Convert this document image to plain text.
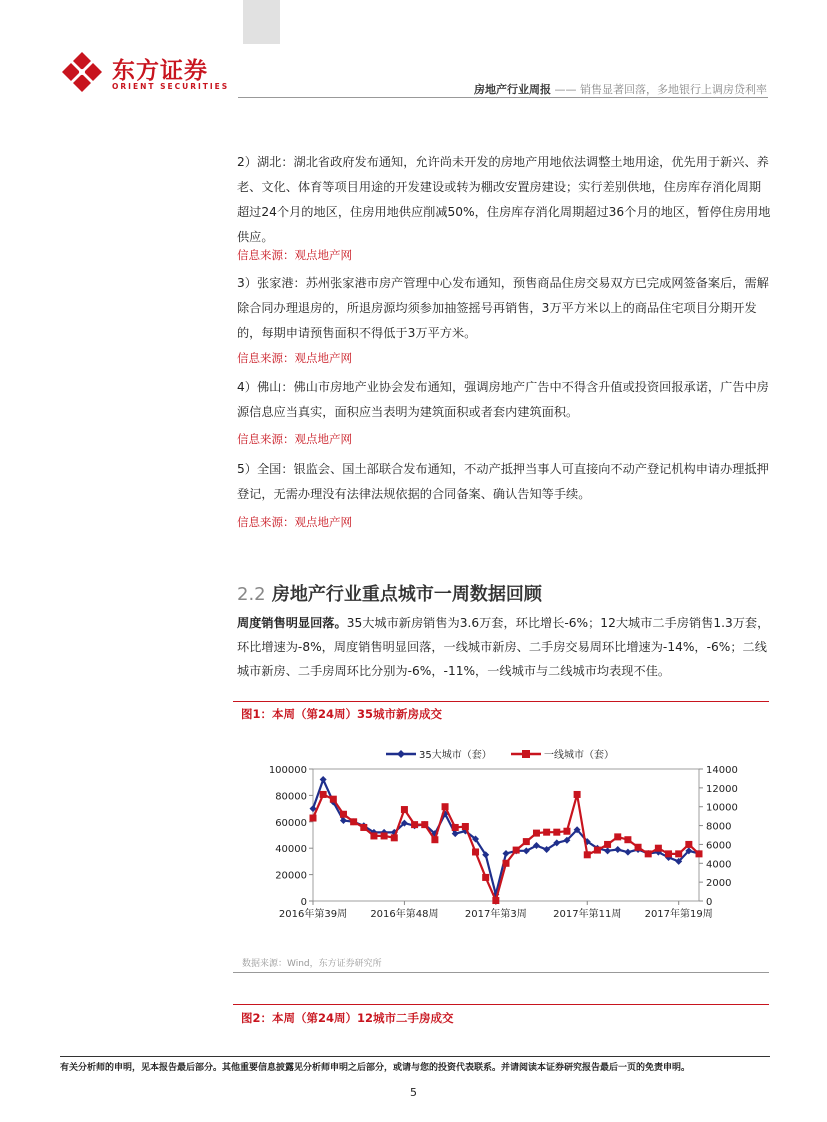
东方证券
ORIENT SECURITIES	房地产行业周报 —— 销售显著回落，多地银行上调房贷利率
2）湖北：湖北省政府发布通知，允许尚未开发的房地产用地依法调整土地用途，优先用于新兴、养老、文化、体育等项目用途的开发建设或转为棚改安置房建设；实行差别供地，住房库存消化周期超过24个月的地区，住房用地供应削减50%，住房库存消化周期超过36个月的地区，暂停住房用地供应。
信息来源：观点地产网
3）张家港：苏州张家港市房产管理中心发布通知，预售商品住房交易双方已完成网签备案后，需解除合同办理退房的，所退房源均须参加抽签摇号再销售，3万平方米以上的商品住宅项目分期开发的，每期申请预售面积不得低于3万平方米。
信息来源：观点地产网
4）佛山：佛山市房地产业协会发布通知，强调房地产广告中不得含升值或投资回报承诺，广告中房源信息应当真实，面积应当表明为建筑面积或者套内建筑面积。
信息来源：观点地产网
5）全国：银监会、国土部联合发布通知，不动产抵押当事人可直接向不动产登记机构申请办理抵押登记，无需办理没有法律法规依据的合同备案、确认告知等手续。
信息来源：观点地产网
2.2 房地产行业重点城市一周数据回顾
周度销售明显回落。35大城市新房销售为3.6万套，环比增长-6%；12大城市二手房销售1.3万套，环比增速为-8%，周度销售明显回落，一线城市新房、二手房交易周环比增速为-14%，-6%；二线城市新房、二手房周环比分别为-6%，-11%，一线城市与二线城市均表现不佳。
图1：本周（第24周）35城市新房成交
35大城市（套）	一线城市（套）
100000
80000
60000
40000
20000
0
14000
12000
10000
8000
6000
4000
2000
0
2016年第39周 2016年第48周	2017年第3周	2017年第11周 2017年第19周
数据来源：Wind，东方证券研究所
图2：本周（第24周）12城市二手房成交
有关分析师的申明，见本报告最后部分。其他重要信息披露见分析师申明之后部分，或请与您的投资代表联系。并请阅读本证券研究报告最后一页的免责申明。
5
